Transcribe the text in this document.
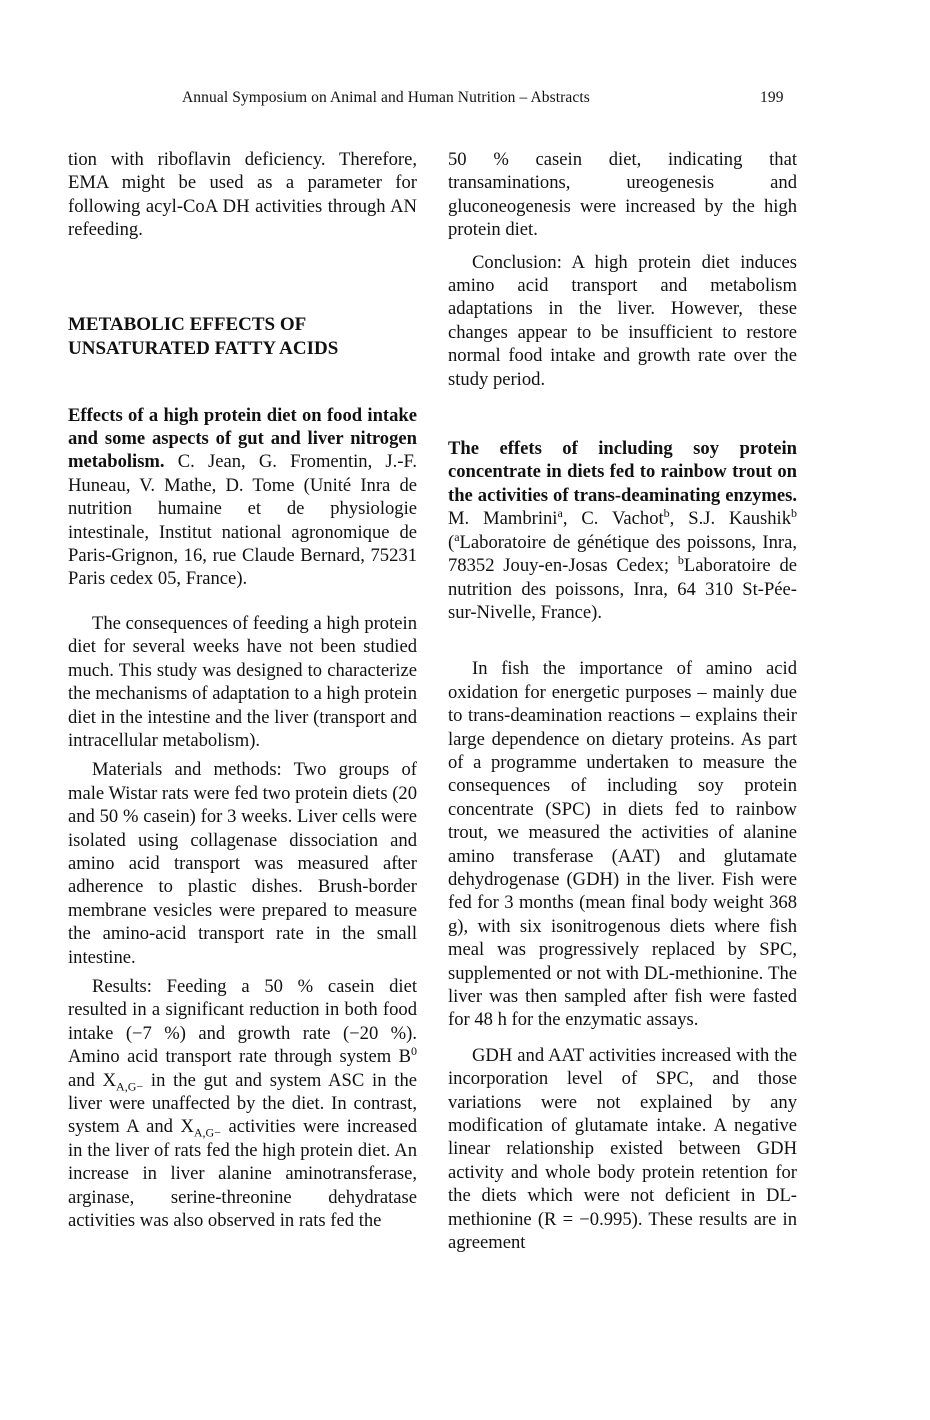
Annual Symposium on Animal and Human Nutrition – Abstracts	199

tion with riboflavin deficiency. Therefore, EMA might be used as a parameter for following acyl-CoA DH activities through AN refeeding.

METABOLIC EFFECTS OF
UNSATURATED FATTY ACIDS

Effects of a high protein diet on food intake and some aspects of gut and liver nitrogen metabolism. C. Jean, G. Fromentin, J.-F. Huneau, V. Mathe, D. Tome (Unité Inra de nutrition humaine et de physiologie intestinale, Institut national agronomique de Paris-Grignon, 16, rue Claude Bernard, 75231 Paris cedex 05, France).

The consequences of feeding a high protein diet for several weeks have not been studied much. This study was designed to characterize the mechanisms of adaptation to a high protein diet in the intestine and the liver (transport and intracellular metabolism).

Materials and methods: Two groups of male Wistar rats were fed two protein diets (20 and 50 % casein) for 3 weeks. Liver cells were isolated using collagenase dissociation and amino acid transport was measured after adherence to plastic dishes. Brush-border membrane vesicles were prepared to measure the amino-acid transport rate in the small intestine.

Results: Feeding a 50 % casein diet resulted in a significant reduction in both food intake (−7 %) and growth rate (−20 %). Amino acid transport rate through system $B^0$ and $X_{A,G-}$ in the gut and system ASC in the liver were unaffected by the diet. In contrast, system A and $X_{A,G-}$ activities were increased in the liver of rats fed the high protein diet. An increase in liver alanine aminotransferase, arginase, serine-threonine dehydratase activities was also observed in rats fed the

50 % casein diet, indicating that transaminations, ureogenesis and gluconeogenesis were increased by the high protein diet.

Conclusion: A high protein diet induces amino acid transport and metabolism adaptations in the liver. However, these changes appear to be insufficient to restore normal food intake and growth rate over the study period.

The effets of including soy protein concentrate in diets fed to rainbow trout on the activities of trans-deaminating enzymes. M. Mambrini$^a$, C. Vachot$^b$, S.J. Kaushik$^b$ ($^a$Laboratoire de génétique des poissons, Inra, 78352 Jouy-en-Josas Cedex; $^b$Laboratoire de nutrition des poissons, Inra, 64 310 St-Pée-sur-Nivelle, France).

In fish the importance of amino acid oxidation for energetic purposes – mainly due to trans-deamination reactions – explains their large dependence on dietary proteins. As part of a programme undertaken to measure the consequences of including soy protein concentrate (SPC) in diets fed to rainbow trout, we measured the activities of alanine amino transferase (AAT) and glutamate dehydrogenase (GDH) in the liver. Fish were fed for 3 months (mean final body weight 368 g), with six isonitrogenous diets where fish meal was progressively replaced by SPC, supplemented or not with DL-methionine. The liver was then sampled after fish were fasted for 48 h for the enzymatic assays.

GDH and AAT activities increased with the incorporation level of SPC, and those variations were not explained by any modification of glutamate intake. A negative linear relationship existed between GDH activity and whole body protein retention for the diets which were not deficient in DL-methionine (R = −0.995). These results are in agreement
